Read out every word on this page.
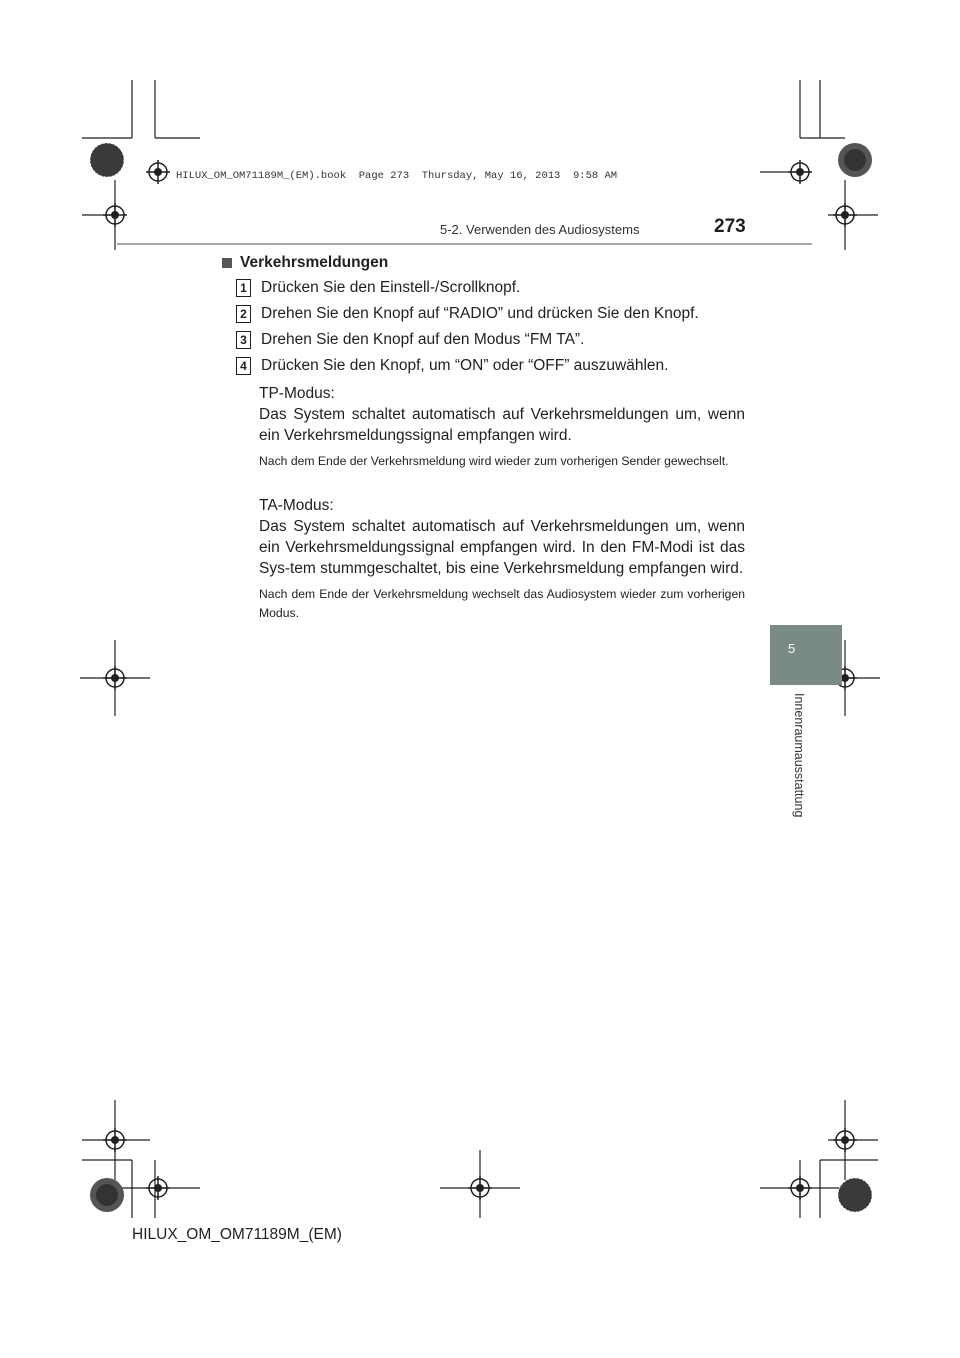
HILUX_OM_OM71189M_(EM).book  Page 273  Thursday, May 16, 2013  9:58 AM
5-2. Verwenden des Audiosystems	273
Verkehrsmeldungen
1 Drücken Sie den Einstell-/Scrollknopf.
2 Drehen Sie den Knopf auf “RADIO” und drücken Sie den Knopf.
3 Drehen Sie den Knopf auf den Modus “FM TA”.
4 Drücken Sie den Knopf, um “ON” oder “OFF” auszuwählen.
TP-Modus:
Das System schaltet automatisch auf Verkehrsmeldungen um, wenn ein Verkehrsmeldungssignal empfangen wird.
Nach dem Ende der Verkehrsmeldung wird wieder zum vorherigen Sender gewechselt.
TA-Modus:
Das System schaltet automatisch auf Verkehrsmeldungen um, wenn ein Verkehrsmeldungssignal empfangen wird. In den FM-Modi ist das Sys-tem stummgeschaltet, bis eine Verkehrsmeldung empfangen wird.
Nach dem Ende der Verkehrsmeldung wechselt das Audiosystem wieder zum vorherigen Modus.
5
Innenraumausstattung
HILUX_OM_OM71189M_(EM)
